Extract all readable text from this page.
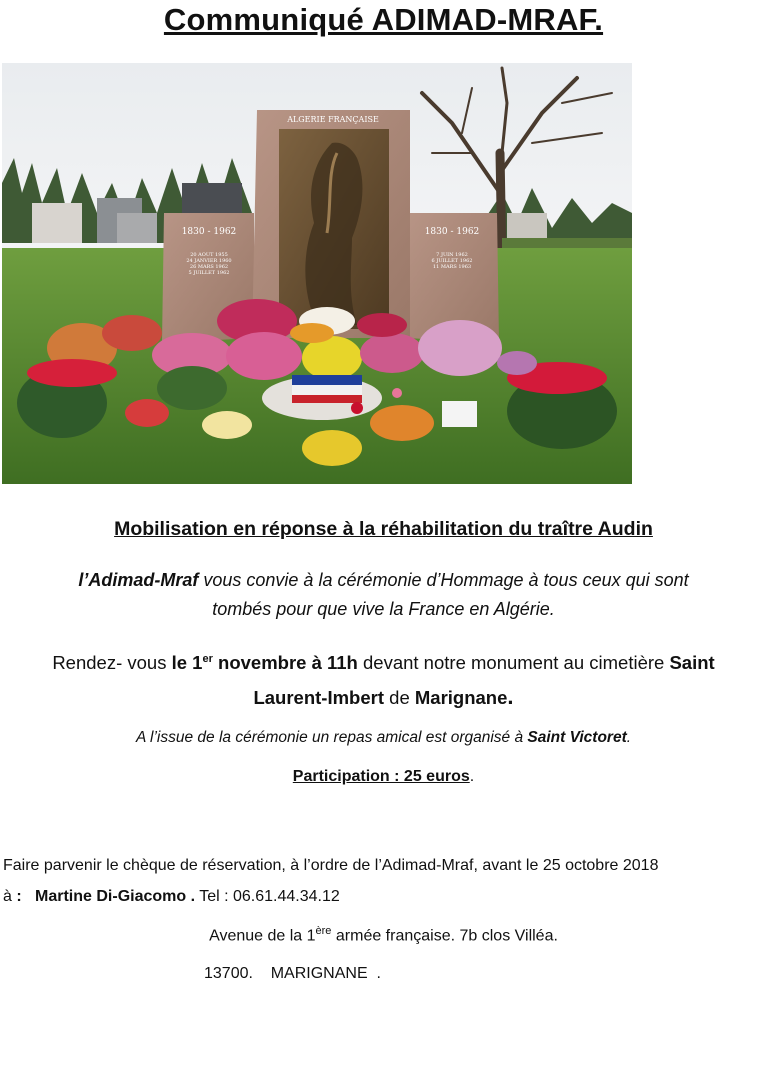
Communiqué ADIMAD-MRAF.
1830 - 1962
20 AOUT 1955
24 JANVIER 1960
26 MARS 1962
5 JUILLET 1962
1830 - 1962
7 JUIN 1962
6 JUILLET 1962
11 MARS 1963
ALGERIE FRANÇAISE
Mobilisation en réponse à la réhabilitation du traître Audin
l’Adimad-Mraf vous convie à la cérémonie d’Hommage à tous ceux qui sont
tombés pour que vive la France en Algérie.
Rendez- vous le 1er novembre à 11h devant notre monument au cimetière Saint
Laurent-Imbert de Marignane.
A l’issue de la cérémonie un repas amical est organisé à Saint Victoret.
Participation : 25 euros.
Faire parvenir le chèque de réservation, à l’ordre de l’Adimad-Mraf, avant le 25 octobre 2018
à : Martine Di-Giacomo . Tel : 06.61.44.34.12
Avenue de la 1ère armée française. 7b clos Villéa.
13700.    MARIGNANE  .
